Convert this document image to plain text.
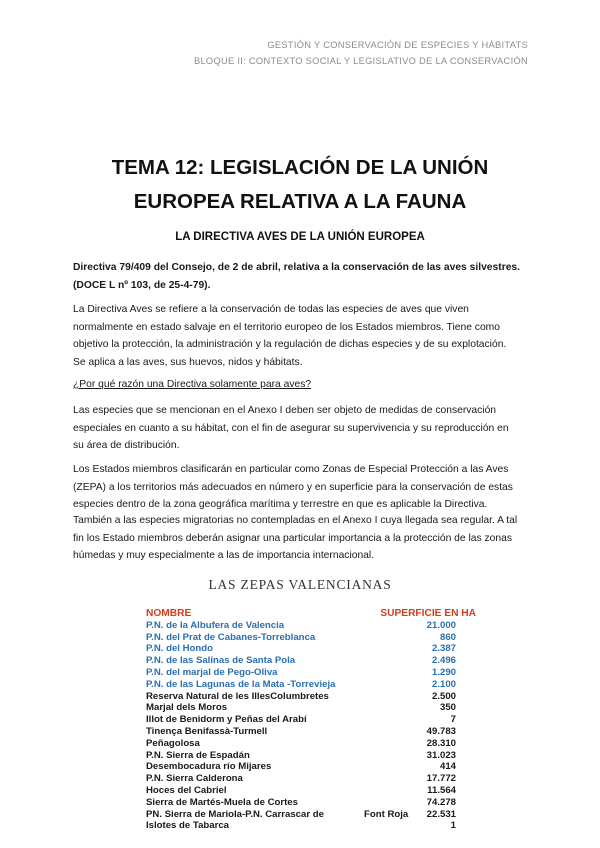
GESTIÓN Y CONSERVACIÓN DE ESPECIES Y HÁBITATS
BLOQUE II: CONTEXTO SOCIAL Y LEGISLATIVO DE LA CONSERVACIÓN
TEMA 12: LEGISLACIÓN DE LA UNIÓN
EUROPEA RELATIVA A LA FAUNA
LA DIRECTIVA AVES DE LA UNIÓN EUROPEA
Directiva 79/409 del Consejo, de 2 de abril, relativa a la conservación de las aves silvestres.
(DOCE L nº 103, de 25-4-79).
La Directiva Aves se refiere a la conservación de todas las especies de aves que viven
normalmente en estado salvaje en el territorio europeo de los Estados miembros. Tiene como
objetivo la protección, la administración y la regulación de dichas especies y de su explotación.
Se aplica a las aves, sus huevos, nidos y hábitats.
¿Por qué razón una Directiva solamente para aves?
Las especies que se mencionan en el Anexo I deben ser objeto de medidas de conservación
especiales en cuanto a su hábitat, con el fin de asegurar su supervivencia y su reproducción en
su área de distribución.
Los Estados miembros clasificarán en particular como Zonas de Especial Protección a las Aves
(ZEPA) a los territorios más adecuados en número y en superficie para la conservación de estas
especies dentro de la zona geográfica marítima y terrestre en que es aplicable la Directiva.
También a las especies migratorias no contempladas en el Anexo I cuya llegada sea regular. A tal
fin los Estado miembros deberán asignar una particular importancia a la protección de las zonas
húmedas y muy especialmente a las de importancia internacional.
LAS ZEPAS VALENCIANAS
NOMBRE	SUPERFICIE EN HA
P.N. de la Albufera de Valencia	21.000
P.N. del Prat de Cabanes-Torreblanca	860
P.N. del Hondo	2.387
P.N. de las Salinas de Santa Pola	2.496
P.N. del marjal de Pego-Oliva	1.290
P.N. de las Lagunas de la Mata -Torrevieja	2.100
Reserva Natural de les IllesColumbretes	2.500
Marjal dels Moros	350
Illot de Benidorm y Peñas del Arabí	7
Tinença Benifassà-Turmell	49.783
Peñagolosa	28.310
P.N. Sierra de Espadán	31.023
Desembocadura río Mijares	414
P.N. Sierra Calderona	17.772
Hoces del Cabriel	11.564
Sierra de Martés-Muela de Cortes	74.278
PN. Sierra de Mariola-P.N. Carrascar de	Font Roja 22.531
Islotes de Tabarca	1
